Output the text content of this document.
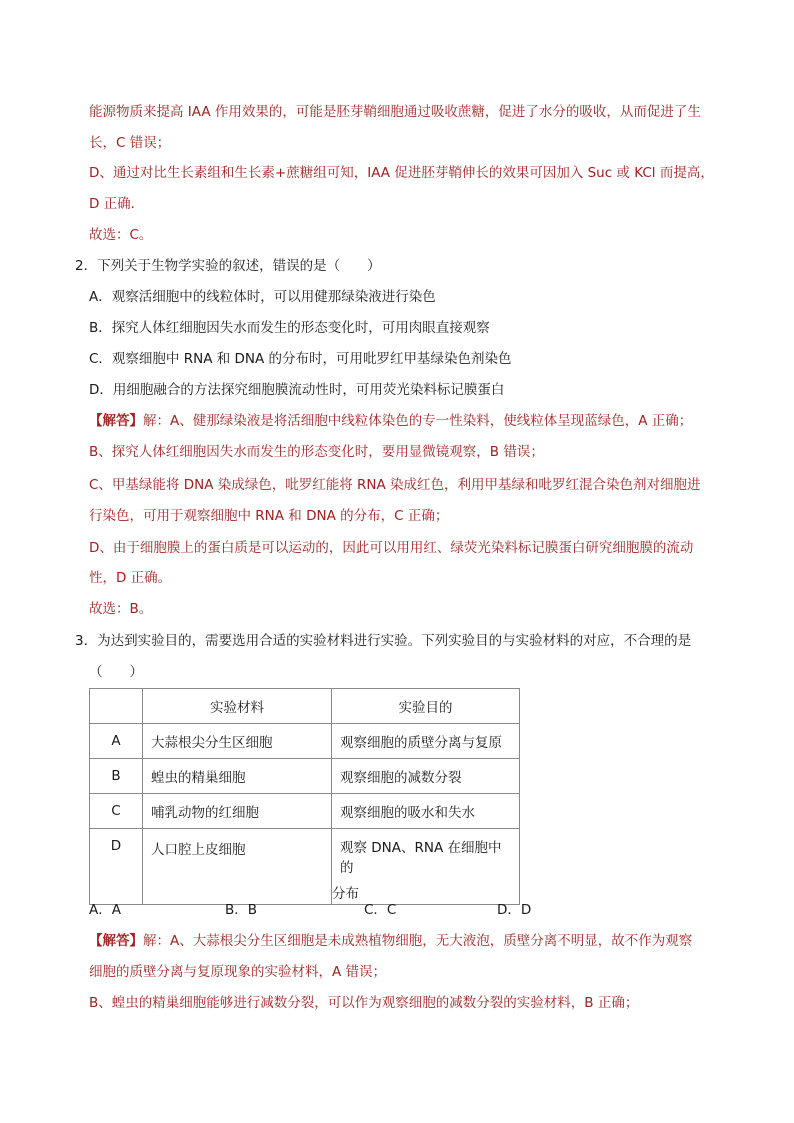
能源物质来提高 IAA 作用效果的，可能是胚芽鞘细胞通过吸收蔗糖，促进了水分的吸收，从而促进了生
长，C 错误；
D、通过对比生长素组和生长素+蔗糖组可知，IAA 促进胚芽鞘伸长的效果可因加入 Suc 或 KCl 而提高，
D 正确．
故选：C。
2．下列关于生物学实验的叙述，错误的是（　　）
A．观察活细胞中的线粒体时，可以用健那绿染液进行染色
B．探究人体红细胞因失水而发生的形态变化时，可用肉眼直接观察
C．观察细胞中 RNA 和 DNA 的分布时，可用吡罗红甲基绿染色剂染色
D．用细胞融合的方法探究细胞膜流动性时，可用荧光染料标记膜蛋白
【解答】解：A、健那绿染液是将活细胞中线粒体染色的专一性染料，使线粒体呈现蓝绿色，A 正确；
B、探究人体红细胞因失水而发生的形态变化时，要用显微镜观察，B 错误；
C、甲基绿能将 DNA 染成绿色，吡罗红能将 RNA 染成红色，利用甲基绿和吡罗红混合染色剂对细胞进
行染色，可用于观察细胞中 RNA 和 DNA 的分布，C 正确；
D、由于细胞膜上的蛋白质是可以运动的，因此可以用用红、绿荧光染料标记膜蛋白研究细胞膜的流动
性，D 正确。
故选：B。
3．为达到实验目的，需要选用合适的实验材料进行实验。下列实验目的与实验材料的对应，不合理的是
（　　）
	实验材料	实验目的
A	大蒜根尖分生区细胞	观察细胞的质壁分离与复原
B	蝗虫的精巢细胞	观察细胞的减数分裂
C	哺乳动物的红细胞	观察细胞的吸水和失水
D	人口腔上皮细胞	观察 DNA、RNA 在细胞中的
分布
A．A	B．B	C．C	D．D
【解答】解：A、大蒜根尖分生区细胞是未成熟植物细胞，无大液泡，质壁分离不明显，故不作为观察
细胞的质壁分离与复原现象的实验材料，A 错误；
B、蝗虫的精巢细胞能够进行减数分裂，可以作为观察细胞的减数分裂的实验材料，B 正确；
